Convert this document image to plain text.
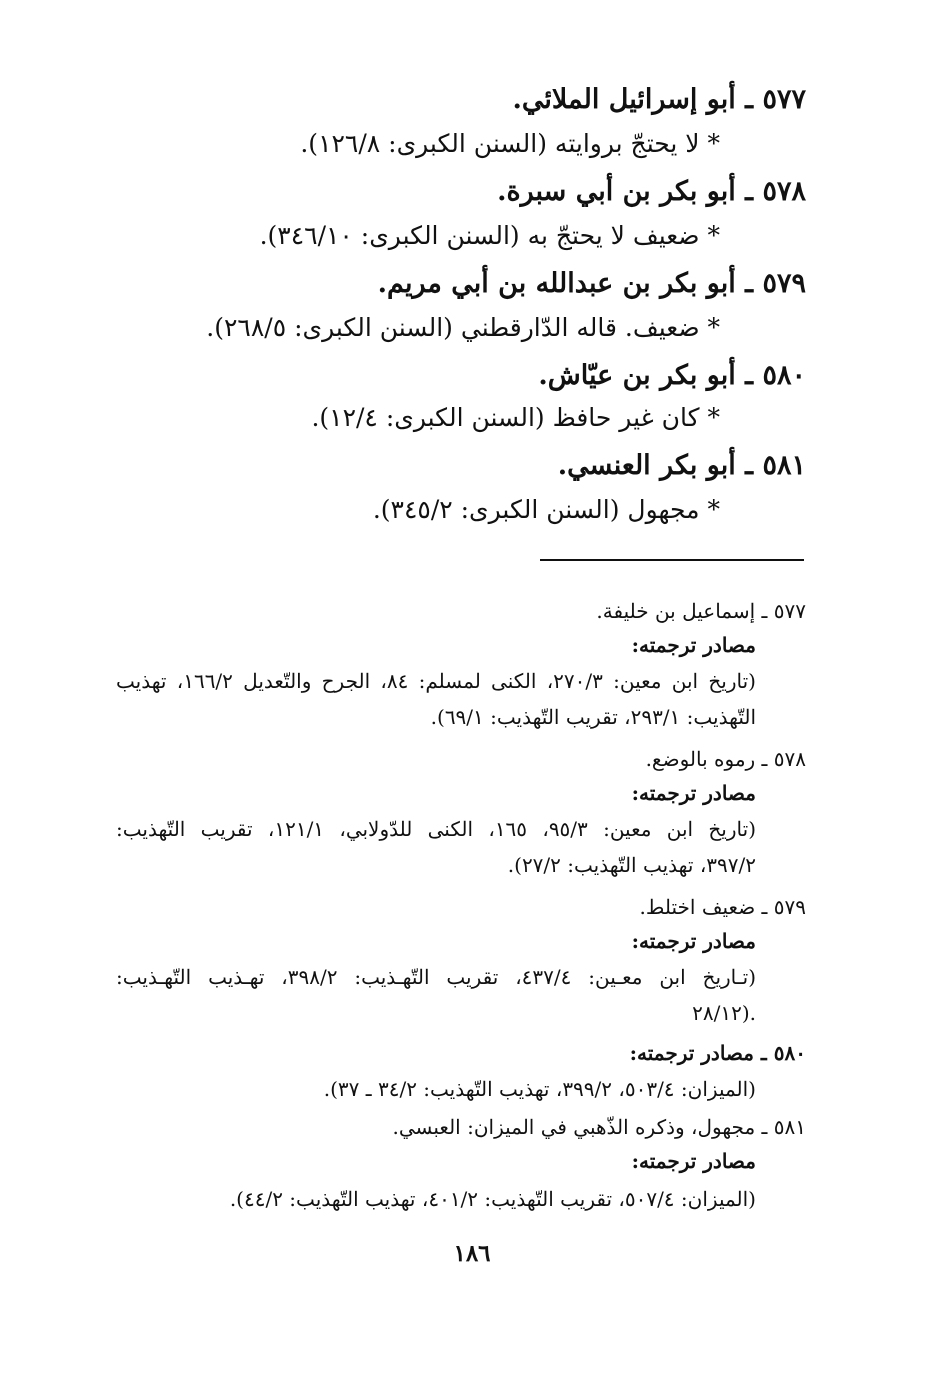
٥٧٧ ـ أبو إسرائيل الملائي.
* لا يحتجّ بروايته (السنن الكبرى: ١٢٦/٨).
٥٧٨ ـ أبو بكر بن أبي سبرة.
* ضعيف لا يحتجّ به (السنن الكبرى: ٣٤٦/١٠).
٥٧٩ ـ أبو بكر بن عبدالله بن أبي مريم.
* ضعيف. قاله الدّارقطني (السنن الكبرى: ٢٦٨/٥).
٥٨٠ ـ أبو بكر بن عيّاش.
* كان غير حافظ (السنن الكبرى: ١٢/٤).
٥٨١ ـ أبو بكر العنسي.
* مجهول (السنن الكبرى: ٣٤٥/٢).
٥٧٧ ـ إسماعيل بن خليفة.
مصادر ترجمته:
(تاريخ ابن معين: ٢٧٠/٣، الكنى لمسلم: ٨٤، الجرح والتّعديل ١٦٦/٢، تهذيب
التّهذيب: ٢٩٣/١، تقريب التّهذيب: ٦٩/١).
٥٧٨ ـ رموه بالوضع.
مصادر ترجمته:
(تاريخ ابن معين: ٩٥/٣، ١٦٥، الكنى للدّولابي، ١٢١/١، تقريب التّهذيب:
٣٩٧/٢، تهذيب التّهذيب: ٢٧/٢).
٥٧٩ ـ ضعيف اختلط.
مصادر ترجمته:
(تـاريخ ابن معـين: ٤٣٧/٤، تقريب التّهـذيب: ٣٩٨/٢، تهـذيب التّهـذيب:
٢٨/١٢).
٥٨٠ ـ مصادر ترجمته:
(الميزان: ٥٠٣/٤، ٣٩٩/٢، تهذيب التّهذيب: ٣٤/٢ ـ ٣٧).
٥٨١ ـ مجهول، وذكره الذّهبي في الميزان: العبسي.
مصادر ترجمته:
(الميزان: ٥٠٧/٤، تقريب التّهذيب: ٤٠١/٢، تهذيب التّهذيب: ٤٤/٢).
١٨٦
